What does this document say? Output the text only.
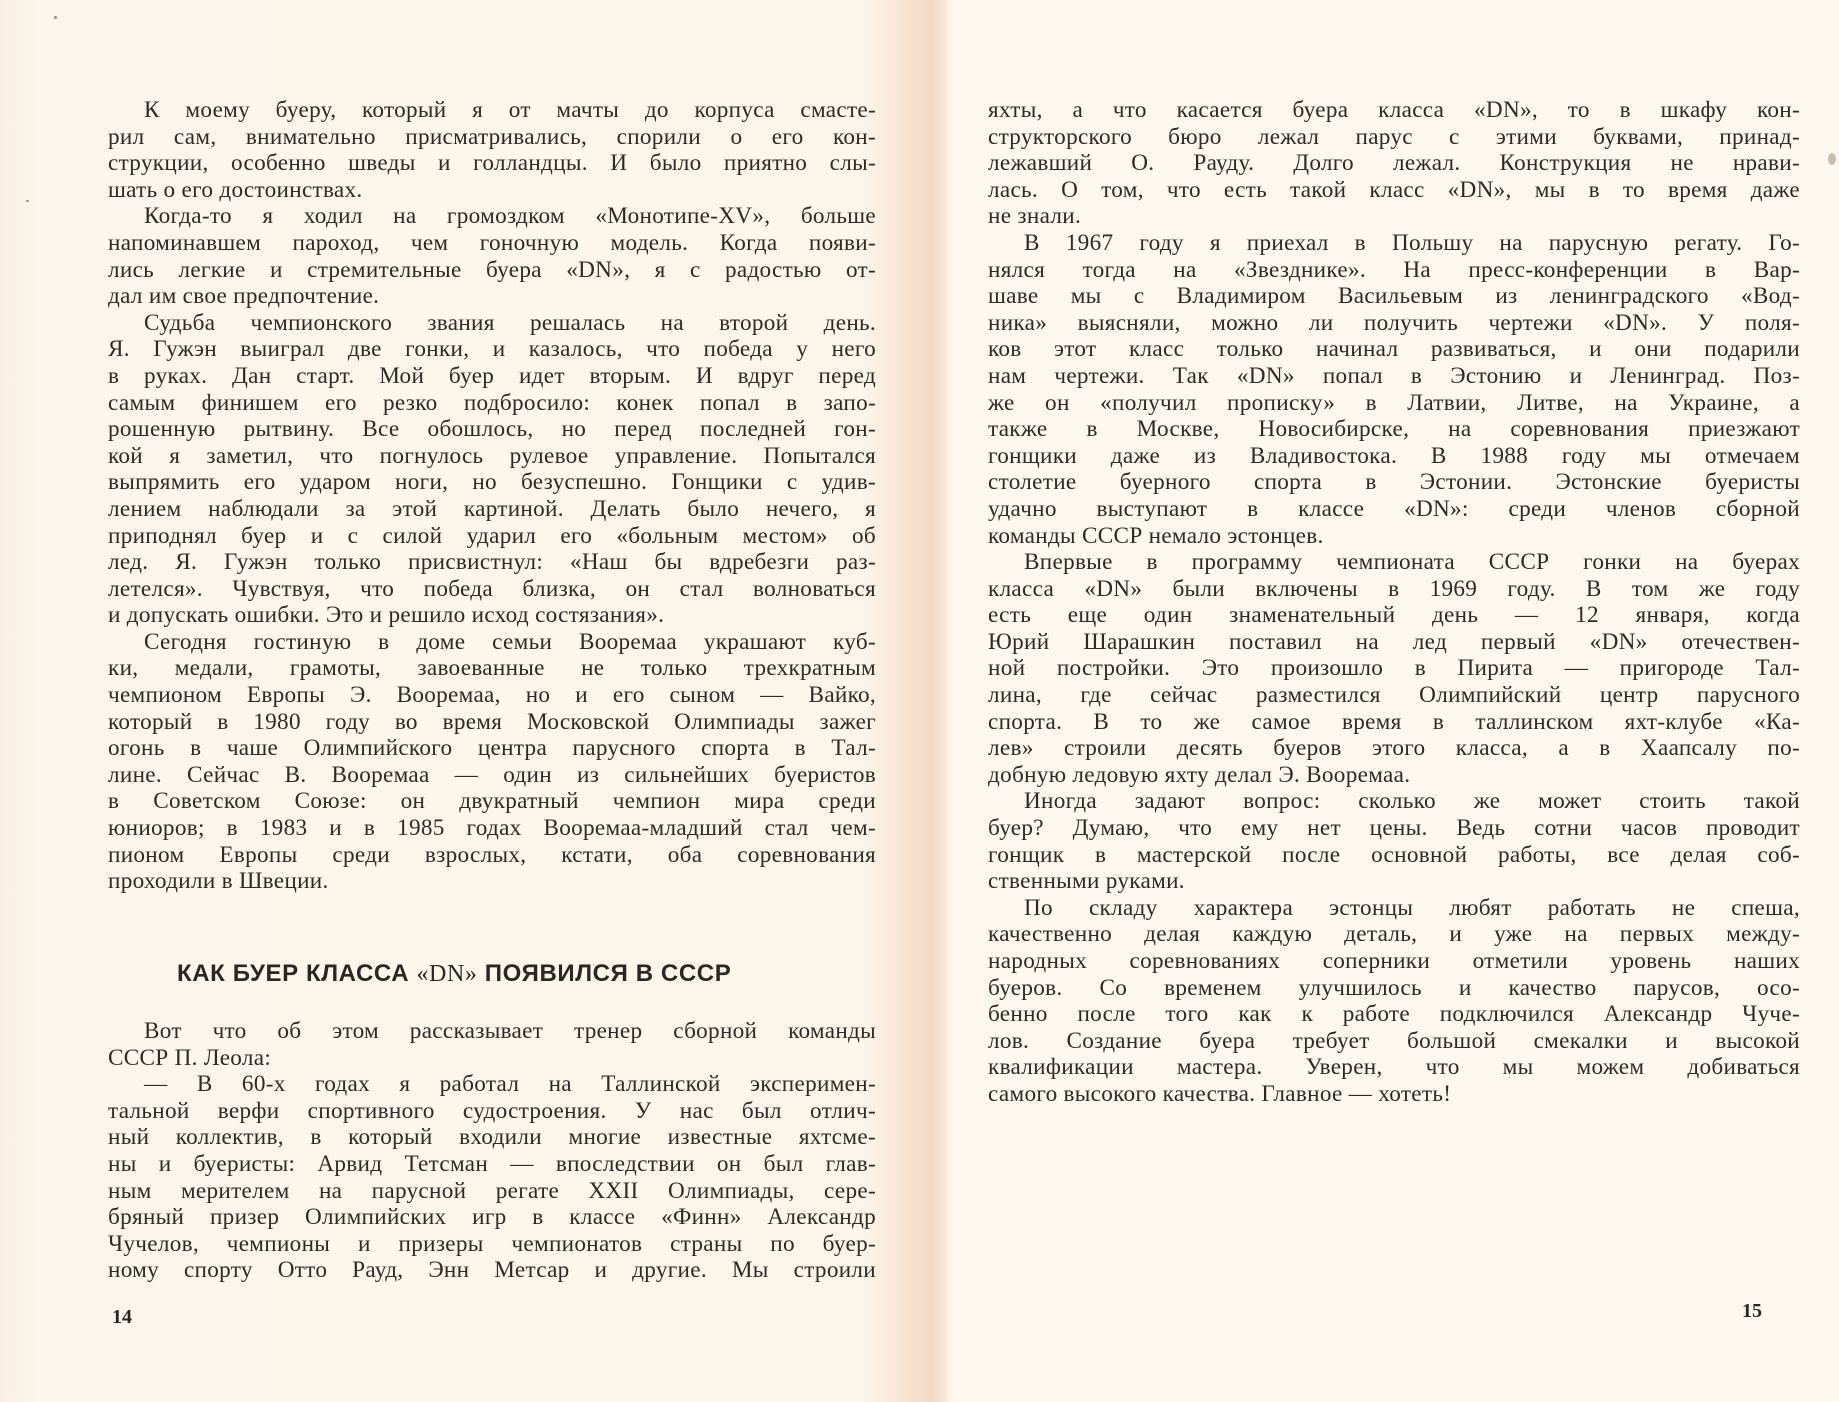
К моему буеру, который я от мачты до корпуса смасте-
рил сам, внимательно присматривались, спорили о его кон-
струкции, особенно шведы и голландцы. И было приятно слы-
шать о его достоинствах.
Когда-то я ходил на громоздком «Монотипе-XV», больше
напоминавшем пароход, чем гоночную модель. Когда появи-
лись легкие и стремительные буера «DN», я с радостью от-
дал им свое предпочтение.
Судьба чемпионского звания решалась на второй день.
Я. Гужэн выиграл две гонки, и казалось, что победа у него
в руках. Дан старт. Мой буер идет вторым. И вдруг перед
самым финишем его резко подбросило: конек попал в запо-
рошенную рытвину. Все обошлось, но перед последней гон-
кой я заметил, что погнулось рулевое управление. Попытался
выпрямить его ударом ноги, но безуспешно. Гонщики с удив-
лением наблюдали за этой картиной. Делать было нечего, я
приподнял буер и с силой ударил его «больным местом» об
лед. Я. Гужэн только присвистнул: «Наш бы вдребезги раз-
летелся». Чувствуя, что победа близка, он стал волноваться
и допускать ошибки. Это и решило исход состязания».
Сегодня гостиную в доме семьи Вооремаа украшают куб-
ки, медали, грамоты, завоеванные не только трехкратным
чемпионом Европы Э. Вооремаа, но и его сыном — Вайко,
который в 1980 году во время Московской Олимпиады зажег
огонь в чаше Олимпийского центра парусного спорта в Тал-
лине. Сейчас В. Вооремаа — один из сильнейших буеристов
в Советском Союзе: он двукратный чемпион мира среди
юниоров; в 1983 и в 1985 годах Вооремаа-младший стал чем-
пионом Европы среди взрослых, кстати, оба соревнования
проходили в Швеции.
КАК БУЕР КЛАССА «DN» ПОЯВИЛСЯ В СССР
Вот что об этом рассказывает тренер сборной команды
СССР П. Леола:
— В 60-х годах я работал на Таллинской эксперимен-
тальной верфи спортивного судостроения. У нас был отлич-
ный коллектив, в который входили многие известные яхтсме-
ны и буеристы: Арвид Тетсман — впоследствии он был глав-
ным мерителем на парусной регате XXII Олимпиады, сере-
бряный призер Олимпийских игр в классе «Финн» Александр
Чучелов, чемпионы и призеры чемпионатов страны по буер-
ному спорту Отто Рауд, Энн Метсар и другие. Мы строили
14
яхты, а что касается буера класса «DN», то в шкафу кон-
структорского бюро лежал парус с этими буквами, принад-
лежавший О. Рауду. Долго лежал. Конструкция не нрави-
лась. О том, что есть такой класс «DN», мы в то время даже
не знали.
В 1967 году я приехал в Польшу на парусную регату. Го-
нялся тогда на «Звезднике». На пресс-конференции в Вар-
шаве мы с Владимиром Васильевым из ленинградского «Вод-
ника» выясняли, можно ли получить чертежи «DN». У поля-
ков этот класс только начинал развиваться, и они подарили
нам чертежи. Так «DN» попал в Эстонию и Ленинград. Поз-
же он «получил прописку» в Латвии, Литве, на Украине, а
также в Москве, Новосибирске, на соревнования приезжают
гонщики даже из Владивостока. В 1988 году мы отмечаем
столетие буерного спорта в Эстонии. Эстонские буеристы
удачно выступают в классе «DN»: среди членов сборной
команды СССР немало эстонцев.
Впервые в программу чемпионата СССР гонки на буерах
класса «DN» были включены в 1969 году. В том же году
есть еще один знаменательный день — 12 января, когда
Юрий Шарашкин поставил на лед первый «DN» отечествен-
ной постройки. Это произошло в Пирита — пригороде Тал-
лина, где сейчас разместился Олимпийский центр парусного
спорта. В то же самое время в таллинском яхт-клубе «Ка-
лев» строили десять буеров этого класса, а в Хаапсалу по-
добную ледовую яхту делал Э. Вооремаа.
Иногда задают вопрос: сколько же может стоить такой
буер? Думаю, что ему нет цены. Ведь сотни часов проводит
гонщик в мастерской после основной работы, все делая соб-
ственными руками.
По складу характера эстонцы любят работать не спеша,
качественно делая каждую деталь, и уже на первых между-
народных соревнованиях соперники отметили уровень наших
буеров. Со временем улучшилось и качество парусов, осо-
бенно после того как к работе подключился Александр Чуче-
лов. Создание буера требует большой смекалки и высокой
квалификации мастера. Уверен, что мы можем добиваться
самого высокого качества. Главное — хотеть!
15
